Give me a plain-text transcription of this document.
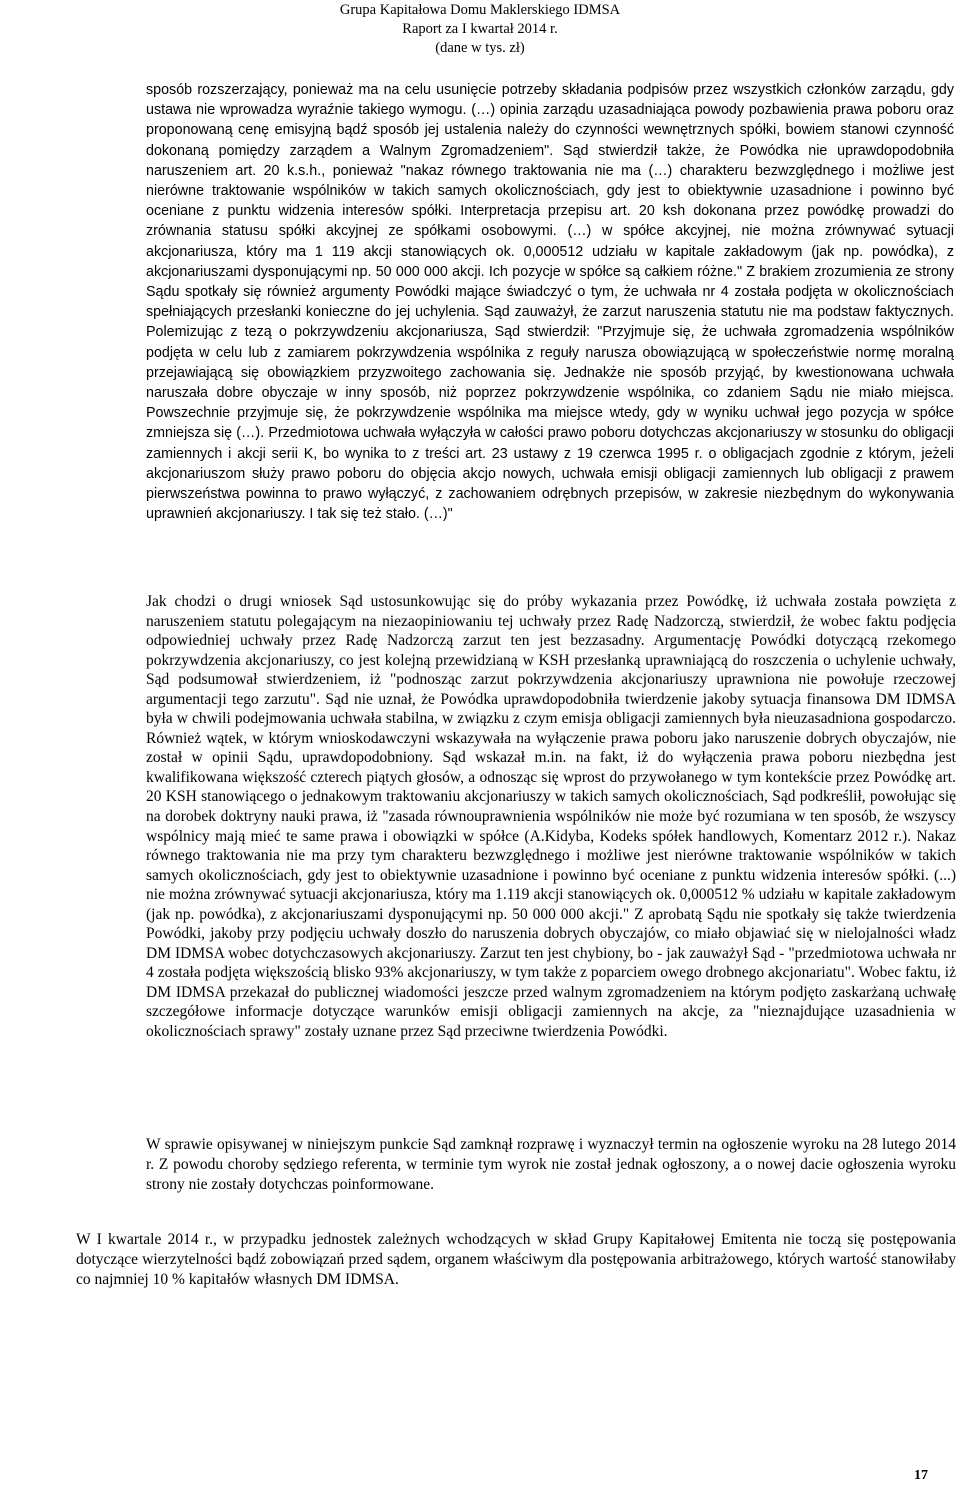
Grupa Kapitałowa Domu Maklerskiego IDMSA
Raport za I kwartał 2014 r.
(dane w tys. zł)

sposób rozszerzający, ponieważ ma na celu usunięcie potrzeby składania podpisów przez wszystkich członków zarządu, gdy ustawa nie wprowadza wyraźnie takiego wymogu. (…) opinia zarządu uzasadniająca powody pozbawienia prawa poboru oraz proponowaną cenę emisyjną bądź sposób jej ustalenia należy do czynności wewnętrznych spółki, bowiem stanowi czynność dokonaną pomiędzy zarządem a Walnym Zgromadzeniem". Sąd stwierdził także, że Powódka nie uprawdopodobniła naruszeniem art. 20 k.s.h., ponieważ "nakaz równego traktowania nie ma (…) charakteru bezwzględnego i możliwe jest nierówne traktowanie wspólników w takich samych okolicznościach, gdy jest to obiektywnie uzasadnione i powinno być oceniane z punktu widzenia interesów spółki. Interpretacja przepisu art. 20 ksh dokonana przez powódkę prowadzi do zrównania statusu spółki akcyjnej ze spółkami osobowymi. (…) w spółce akcyjnej, nie można zrównywać sytuacji akcjonariusza, który ma 1 119 akcji stanowiących ok. 0,000512 udziału w kapitale zakładowym (jak np. powódka), z akcjonariuszami dysponującymi np. 50 000 000 akcji. Ich pozycje w spółce są całkiem różne." Z brakiem zrozumienia ze strony Sądu spotkały się również argumenty Powódki mające świadczyć o tym, że uchwała nr 4 została podjęta w okolicznościach spełniających przesłanki konieczne do jej uchylenia. Sąd zauważył, że zarzut naruszenia statutu nie ma podstaw faktycznych. Polemizując z tezą o pokrzywdzeniu akcjonariusza, Sąd stwierdził: "Przyjmuje się, że uchwała zgromadzenia wspólników podjęta w celu lub z zamiarem pokrzywdzenia wspólnika z reguły narusza obowiązującą w społeczeństwie normę moralną przejawiającą się obowiązkiem przyzwoitego zachowania się. Jednakże nie sposób przyjąć, by kwestionowana uchwała naruszała dobre obyczaje w inny sposób, niż poprzez pokrzywdzenie wspólnika, co zdaniem Sądu nie miało miejsca. Powszechnie przyjmuje się, że pokrzywdzenie wspólnika ma miejsce wtedy, gdy w wyniku uchwał jego pozycja w spółce zmniejsza się (…). Przedmiotowa uchwała wyłączyła w całości prawo poboru dotychczas akcjonariuszy w stosunku do obligacji zamiennych i akcji serii K, bo wynika to z treści art. 23 ustawy z 19 czerwca 1995 r. o obligacjach zgodnie z którym, jeżeli akcjonariuszom służy prawo poboru do objęcia akcjo nowych, uchwała emisji obligacji zamiennych lub obligacji z prawem pierwszeństwa powinna to prawo wyłączyć, z zachowaniem odrębnych przepisów, w zakresie niezbędnym do wykonywania uprawnień akcjonariuszy. I tak się też stało. (…)"

Jak chodzi o drugi wniosek Sąd ustosunkowując się do próby wykazania przez Powódkę, iż uchwała została powzięta z naruszeniem statutu polegającym na niezaopiniowaniu tej uchwały przez Radę Nadzorczą, stwierdził, że wobec faktu podjęcia odpowiedniej uchwały przez Radę Nadzorczą zarzut ten jest bezzasadny. Argumentację Powódki dotyczącą rzekomego pokrzywdzenia akcjonariuszy, co jest kolejną przewidzianą w KSH przesłanką uprawniającą do roszczenia o uchylenie uchwały, Sąd podsumował stwierdzeniem, iż "podnosząc zarzut pokrzywdzenia akcjonariuszy uprawniona nie powołuje rzeczowej argumentacji tego zarzutu". Sąd nie uznał, że Powódka uprawdopodobniła twierdzenie jakoby sytuacja finansowa DM IDMSA była w chwili podejmowania uchwała stabilna, w związku z czym emisja obligacji zamiennych była nieuzasadniona gospodarczo. Również wątek, w którym wnioskodawczyni wskazywała na wyłączenie prawa poboru jako naruszenie dobrych obyczajów, nie został w opinii Sądu, uprawdopodobniony. Sąd wskazał m.in. na fakt, iż do wyłączenia prawa poboru niezbędna jest kwalifikowana większość czterech piątych głosów, a odnosząc się wprost do przywołanego w tym kontekście przez Powódkę art. 20 KSH stanowiącego o jednakowym traktowaniu akcjonariuszy w takich samych okolicznościach, Sąd podkreślił, powołując się na dorobek doktryny nauki prawa, iż "zasada równouprawnienia wspólników nie może być rozumiana w ten sposób, że wszyscy wspólnicy mają mieć te same prawa i obowiązki w spółce (A.Kidyba, Kodeks spółek handlowych, Komentarz 2012 r.). Nakaz równego traktowania nie ma przy tym charakteru bezwzględnego i możliwe jest nierówne traktowanie wspólników w takich samych okolicznościach, gdy jest to obiektywnie uzasadnione i powinno być oceniane z punktu widzenia interesów spółki. (...) nie można zrównywać sytuacji akcjonariusza, który ma 1.119 akcji stanowiących ok. 0,000512 % udziału w kapitale zakładowym (jak np. powódka), z akcjonariuszami dysponującymi np. 50 000 000 akcji." Z aprobatą Sądu nie spotkały się także twierdzenia Powódki, jakoby przy podjęciu uchwały doszło do naruszenia dobrych obyczajów, co miało objawiać się w nielojalności władz DM IDMSA wobec dotychczasowych akcjonariuszy. Zarzut ten jest chybiony, bo - jak zauważył Sąd - "przedmiotowa uchwała nr 4 została podjęta większością blisko 93% akcjonariuszy, w tym także z poparciem owego drobnego akcjonariatu". Wobec faktu, iż DM IDMSA przekazał do publicznej wiadomości jeszcze przed walnym zgromadzeniem na którym podjęto zaskarżaną uchwałę szczegółowe informacje dotyczące warunków emisji obligacji zamiennych na akcje, za "nieznajdujące uzasadnienia w okolicznościach sprawy" zostały uznane przez Sąd przeciwne twierdzenia Powódki.

W sprawie opisywanej w niniejszym punkcie Sąd zamknął rozprawę i wyznaczył termin na ogłoszenie wyroku na 28 lutego 2014 r. Z powodu choroby sędziego referenta, w terminie tym wyrok nie został jednak ogłoszony, a o nowej dacie ogłoszenia wyroku strony nie zostały dotychczas poinformowane.

W I kwartale 2014 r., w przypadku jednostek zależnych wchodzących w skład Grupy Kapitałowej Emitenta nie toczą się postępowania dotyczące wierzytelności bądź zobowiązań przed sądem, organem właściwym dla postępowania arbitrażowego, których wartość stanowiłaby co najmniej 10 % kapitałów własnych DM IDMSA.

17
